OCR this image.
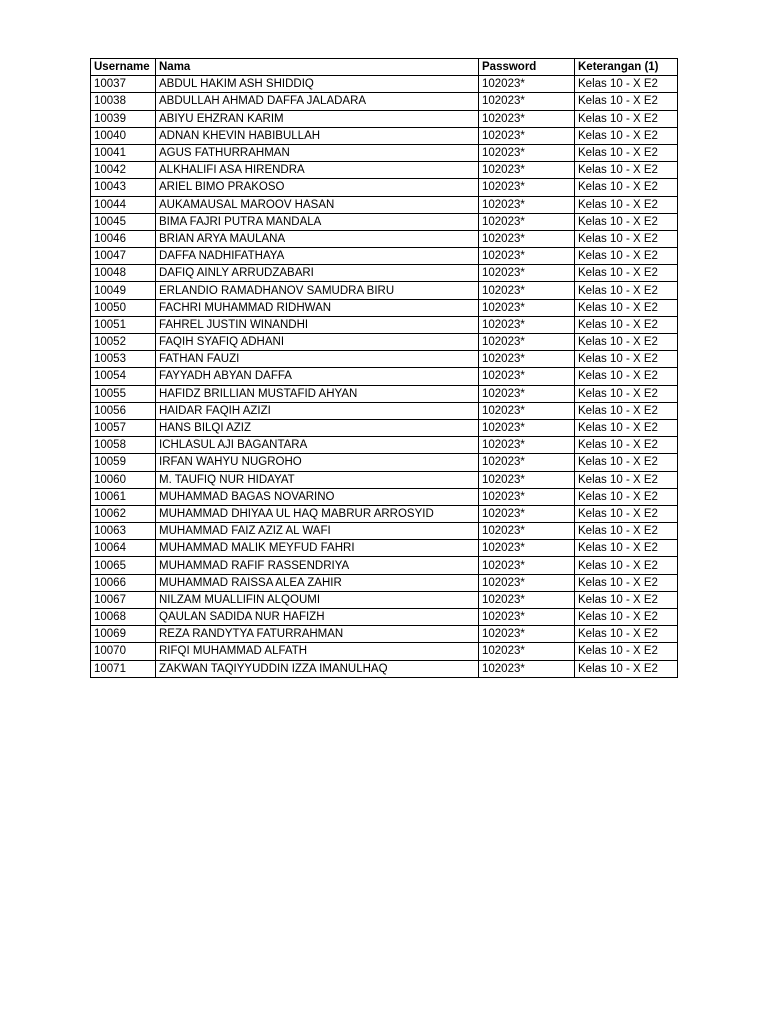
Username	Nama	Password	Keterangan (1)
10037	ABDUL HAKIM ASH SHIDDIQ	102023*	Kelas 10 - X E2
10038	ABDULLAH AHMAD DAFFA JALADARA	102023*	Kelas 10 - X E2
10039	ABIYU EHZRAN KARIM	102023*	Kelas 10 - X E2
10040	ADNAN KHEVIN HABIBULLAH	102023*	Kelas 10 - X E2
10041	AGUS FATHURRAHMAN	102023*	Kelas 10 - X E2
10042	ALKHALIFI ASA HIRENDRA	102023*	Kelas 10 - X E2
10043	ARIEL BIMO PRAKOSO	102023*	Kelas 10 - X E2
10044	AUKAMAUSAL MAROOV HASAN	102023*	Kelas 10 - X E2
10045	BIMA FAJRI PUTRA MANDALA	102023*	Kelas 10 - X E2
10046	BRIAN ARYA MAULANA	102023*	Kelas 10 - X E2
10047	DAFFA NADHIFATHAYA	102023*	Kelas 10 - X E2
10048	DAFIQ AINLY ARRUDZABARI	102023*	Kelas 10 - X E2
10049	ERLANDIO RAMADHANOV SAMUDRA BIRU	102023*	Kelas 10 - X E2
10050	FACHRI MUHAMMAD RIDHWAN	102023*	Kelas 10 - X E2
10051	FAHREL JUSTIN WINANDHI	102023*	Kelas 10 - X E2
10052	FAQIH SYAFIQ ADHANI	102023*	Kelas 10 - X E2
10053	FATHAN FAUZI	102023*	Kelas 10 - X E2
10054	FAYYADH ABYAN DAFFA	102023*	Kelas 10 - X E2
10055	HAFIDZ BRILLIAN MUSTAFID AHYAN	102023*	Kelas 10 - X E2
10056	HAIDAR FAQIH AZIZI	102023*	Kelas 10 - X E2
10057	HANS BILQI AZIZ	102023*	Kelas 10 - X E2
10058	ICHLASUL AJI BAGANTARA	102023*	Kelas 10 - X E2
10059	IRFAN WAHYU NUGROHO	102023*	Kelas 10 - X E2
10060	M. TAUFIQ NUR HIDAYAT	102023*	Kelas 10 - X E2
10061	MUHAMMAD BAGAS NOVARINO	102023*	Kelas 10 - X E2
10062	MUHAMMAD DHIYAA UL HAQ MABRUR ARROSYID	102023*	Kelas 10 - X E2
10063	MUHAMMAD FAIZ AZIZ AL WAFI	102023*	Kelas 10 - X E2
10064	MUHAMMAD MALIK MEYFUD FAHRI	102023*	Kelas 10 - X E2
10065	MUHAMMAD RAFIF RASSENDRIYA	102023*	Kelas 10 - X E2
10066	MUHAMMAD RAISSA ALEA ZAHIR	102023*	Kelas 10 - X E2
10067	NILZAM MUALLIFIN ALQOUMI	102023*	Kelas 10 - X E2
10068	QAULAN SADIDA NUR HAFIZH	102023*	Kelas 10 - X E2
10069	REZA RANDYTYA FATURRAHMAN	102023*	Kelas 10 - X E2
10070	RIFQI MUHAMMAD ALFATH	102023*	Kelas 10 - X E2
10071	ZAKWAN TAQIYYUDDIN IZZA IMANULHAQ	102023*	Kelas 10 - X E2
